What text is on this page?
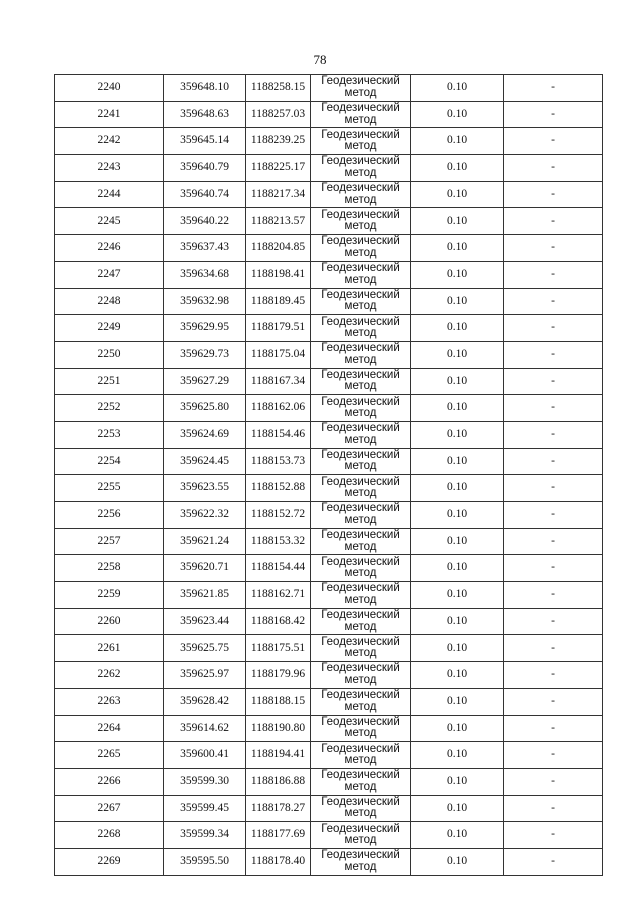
78
2240	359648.10	1188258.15	Геодезический
метод	0.10	-
2241	359648.63	1188257.03	Геодезический
метод	0.10	-
2242	359645.14	1188239.25	Геодезический
метод	0.10	-
2243	359640.79	1188225.17	Геодезический
метод	0.10	-
2244	359640.74	1188217.34	Геодезический
метод	0.10	-
2245	359640.22	1188213.57	Геодезический
метод	0.10	-
2246	359637.43	1188204.85	Геодезический
метод	0.10	-
2247	359634.68	1188198.41	Геодезический
метод	0.10	-
2248	359632.98	1188189.45	Геодезический
метод	0.10	-
2249	359629.95	1188179.51	Геодезический
метод	0.10	-
2250	359629.73	1188175.04	Геодезический
метод	0.10	-
2251	359627.29	1188167.34	Геодезический
метод	0.10	-
2252	359625.80	1188162.06	Геодезический
метод	0.10	-
2253	359624.69	1188154.46	Геодезический
метод	0.10	-
2254	359624.45	1188153.73	Геодезический
метод	0.10	-
2255	359623.55	1188152.88	Геодезический
метод	0.10	-
2256	359622.32	1188152.72	Геодезический
метод	0.10	-
2257	359621.24	1188153.32	Геодезический
метод	0.10	-
2258	359620.71	1188154.44	Геодезический
метод	0.10	-
2259	359621.85	1188162.71	Геодезический
метод	0.10	-
2260	359623.44	1188168.42	Геодезический
метод	0.10	-
2261	359625.75	1188175.51	Геодезический
метод	0.10	-
2262	359625.97	1188179.96	Геодезический
метод	0.10	-
2263	359628.42	1188188.15	Геодезический
метод	0.10	-
2264	359614.62	1188190.80	Геодезический
метод	0.10	-
2265	359600.41	1188194.41	Геодезический
метод	0.10	-
2266	359599.30	1188186.88	Геодезический
метод	0.10	-
2267	359599.45	1188178.27	Геодезический
метод	0.10	-
2268	359599.34	1188177.69	Геодезический
метод	0.10	-
2269	359595.50	1188178.40	Геодезический
метод	0.10	-
